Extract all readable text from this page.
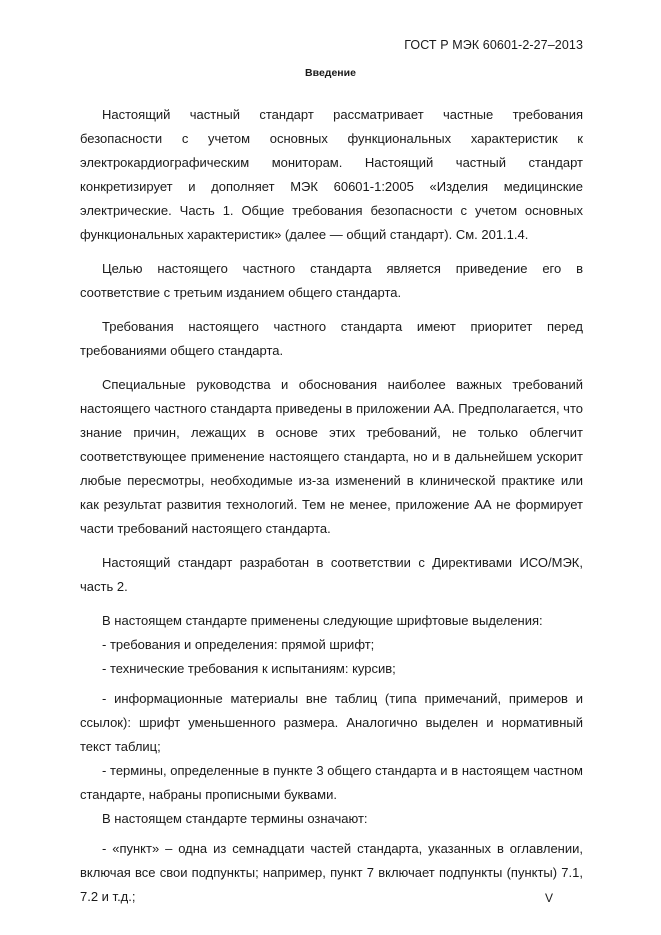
ГОСТ Р МЭК 60601-2-27–2013
Введение

Настоящий частный стандарт рассматривает частные требования безопасности с учетом основных функциональных характеристик к электрокардиографическим мониторам. Настоящий частный стандарт конкретизирует и дополняет МЭК 60601-1:2005 «Изделия медицинские электрические. Часть 1. Общие требования безопасности с учетом основных функциональных характеристик» (далее — общий стандарт). См. 201.1.4.

Целью настоящего частного стандарта является приведение его в соответствие с третьим изданием общего стандарта.

Требования настоящего частного стандарта имеют приоритет перед требованиями общего стандарта.

Специальные руководства и обоснования наиболее важных требований настоящего частного стандарта приведены в приложении АА. Предполагается, что знание причин, лежащих в основе этих требований, не только облегчит соответствующее применение настоящего стандарта, но и в дальнейшем ускорит любые пересмотры, необходимые из-за изменений в клинической практике или как результат развития технологий. Тем не менее, приложение АА не формирует части требований настоящего стандарта.

Настоящий стандарт разработан в соответствии с Директивами ИСО/МЭК, часть 2.

В настоящем стандарте применены следующие шрифтовые выделения:

- требования и определения: прямой шрифт;

- технические требования к испытаниям: курсив;

- информационные материалы вне таблиц (типа примечаний, примеров и ссылок): шрифт уменьшенного размера. Аналогично выделен и нормативный текст таблиц;

- термины, определенные в пункте 3 общего стандарта и в настоящем частном стандарте, набраны прописными буквами.

В настоящем стандарте термины означают:

- «пункт» – одна из семнадцати частей стандарта, указанных в оглавлении, включая все свои подпункты; например, пункт 7 включает подпункты (пункты) 7.1, 7.2 и т.д.;	V
